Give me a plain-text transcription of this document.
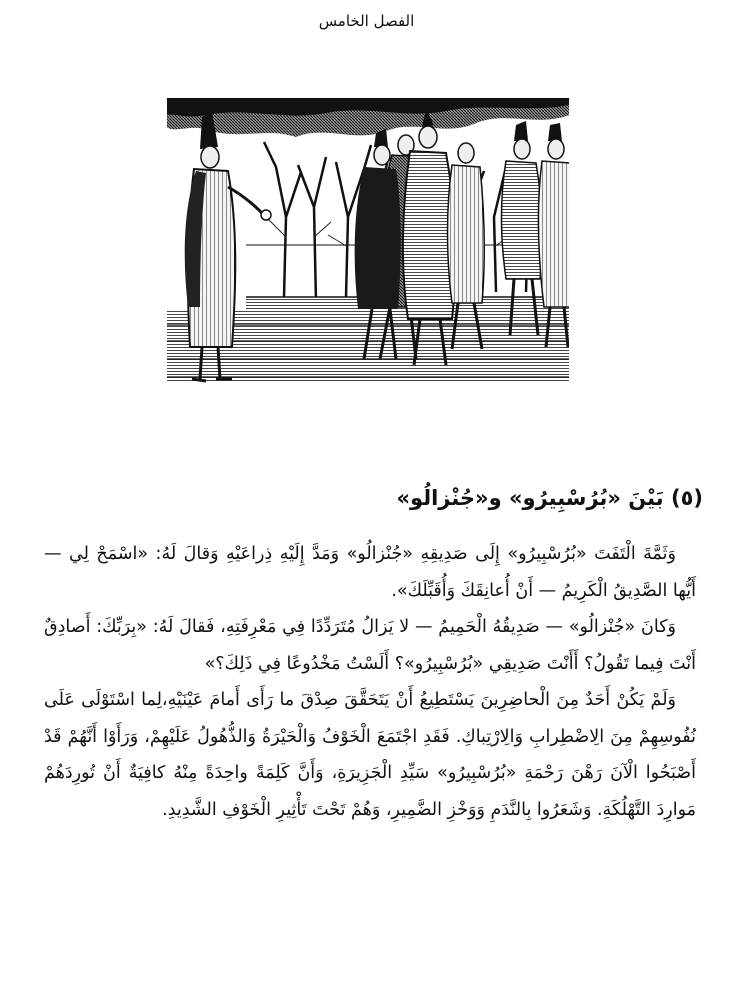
الفصل الخامس
(٥) بَيْنَ «بُرُسْبِيرُو» و«جُنْزالُو»

وَثَمَّةَ الْتَفَتَ «بُرُسْبِيرُو» إِلَى صَدِيقِهِ «جُنْزالُو» وَمَدَّ إِلَيْهِ ذِراعَيْهِ وَقالَ لَهُ: «اسْمَحْ لِي — أَيُّها الصَّدِيقُ الْكَرِيمُ — أَنْ أُعانِقَكَ وَأُقَبِّلَكَ».

وَكانَ «جُنْزالُو» — صَدِيقُهُ الْحَمِيمُ — لا يَزالُ مُتَرَدِّدًا فِي مَعْرِفَتِهِ، فَقالَ لَهُ: «بِرَبِّكَ: أَصادِقٌ أَنْتَ فِيما تَقُولُ؟ أَأَنْتَ صَدِيقِي «بُرُسْبِيرُو»؟ أَلَسْتُ مَخْدُوعًا فِي ذَلِكَ؟»

وَلَمْ يَكُنْ أَحَدٌ مِنَ الْحاضِرِينَ يَسْتَطِيعُ أَنْ يَتَحَقَّقَ صِدْقَ ما رَأَى أَمامَ عَيْنَيْهِ،لِما اسْتَوْلَى عَلَى نُفُوسِهِمْ مِنَ الِاضْطِرابِ وَالِارْتِباكِ. فَقَدِ اجْتَمَعَ الْخَوْفُ وَالْحَيْرَةُ وَالذُّهُولُ عَلَيْهِمْ، وَرَأَوْا أَنَّهُمْ قَدْ أَصْبَحُوا الْآنَ رَهْنَ رَحْمَةِ «بُرُسْبِيرُو» سَيِّدِ الْجَزِيرَةِ، وَأَنَّ كَلِمَةً واحِدَةً مِنْهُ كافِيَةٌ أَنْ تُورِدَهُمْ مَوارِدَ التَّهْلُكَةِ. وَشَعَرُوا بِالنَّدَمِ وَوَخْزِ الضَّمِيرِ، وَهُمْ تَحْتَ تَأْثِيرِ الْخَوْفِ الشَّدِيدِ.
